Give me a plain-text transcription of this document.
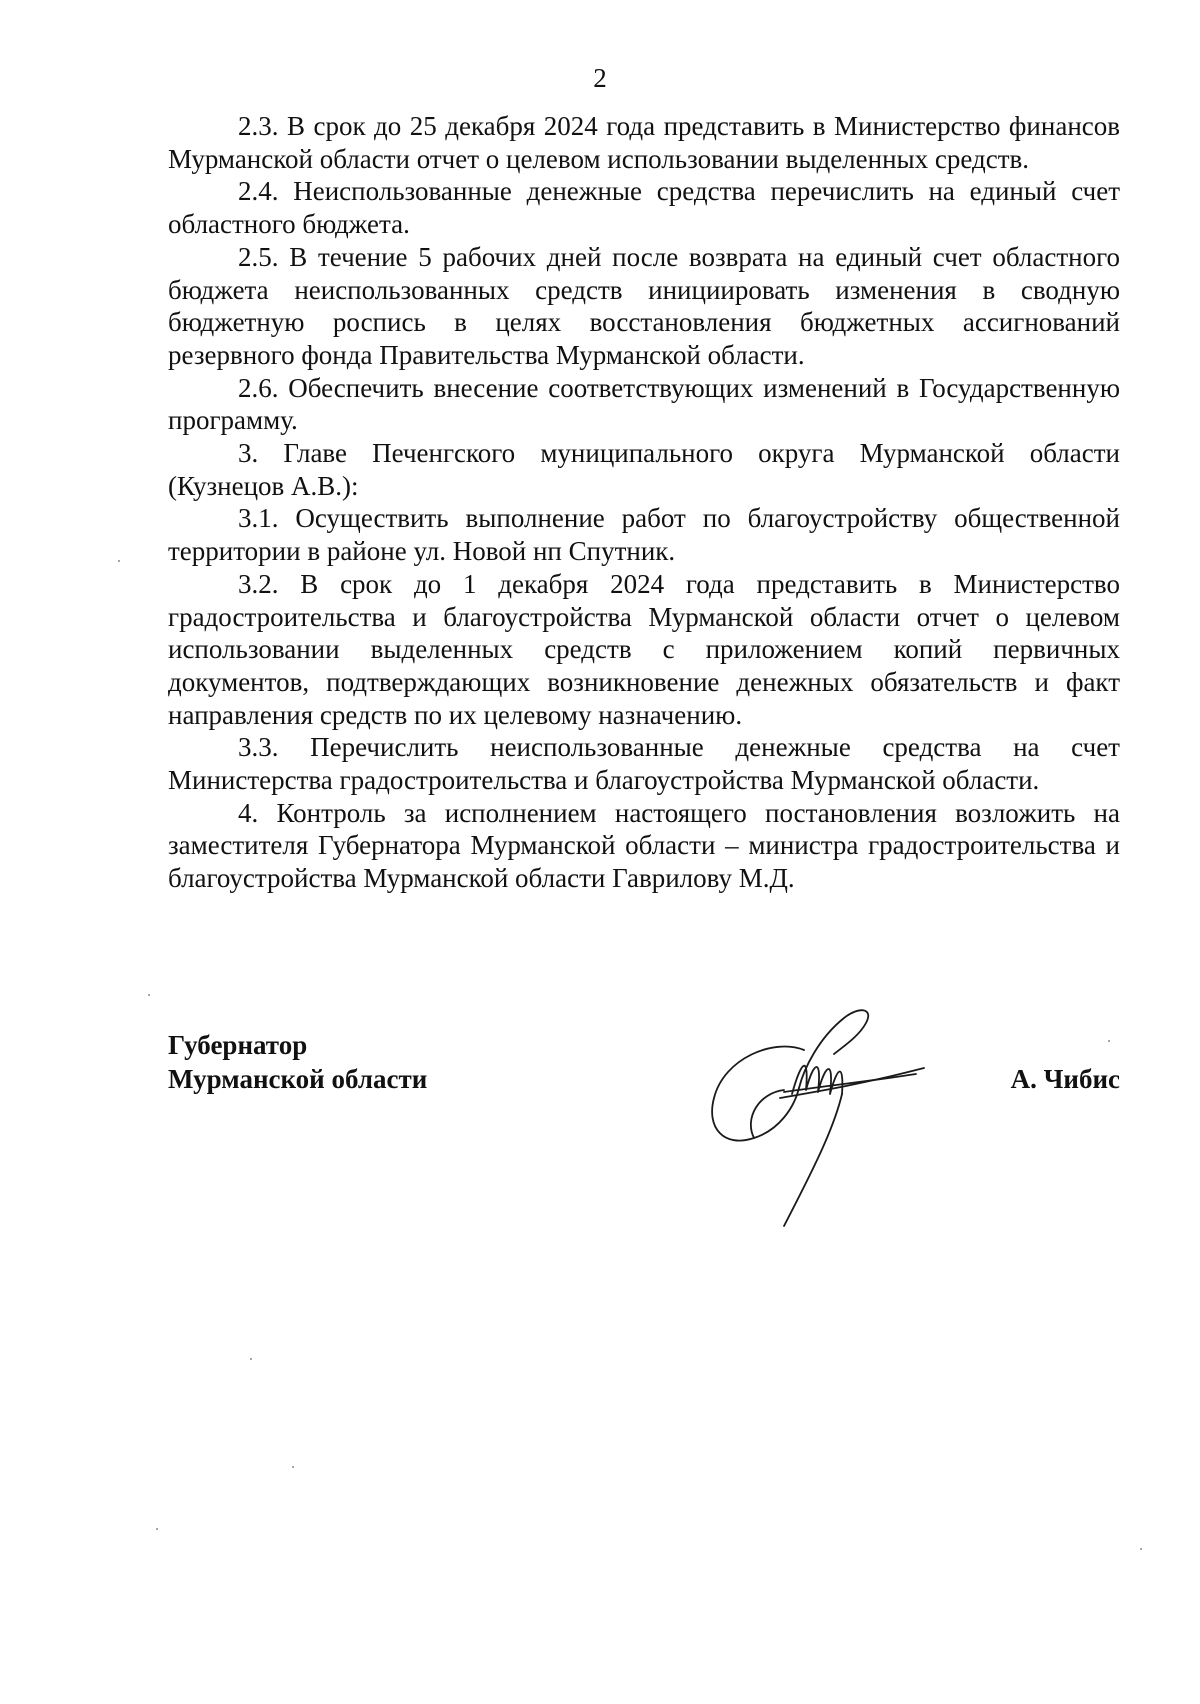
2

2.3. В срок до 25 декабря 2024 года представить в Министерство финансов Мурманской области отчет о целевом использовании выделенных средств.

2.4. Неиспользованные денежные средства перечислить на единый счет областного бюджета.

2.5. В течение 5 рабочих дней после возврата на единый счет областного бюджета неиспользованных средств инициировать изменения в сводную бюджетную роспись в целях восстановления бюджетных ассигнований резервного фонда Правительства Мурманской области.

2.6. Обеспечить внесение соответствующих изменений в Государственную программу.

3. Главе Печенгского муниципального округа Мурманской области (Кузнецов А.В.):

3.1. Осуществить выполнение работ по благоустройству общественной территории в районе ул. Новой нп Спутник.

3.2. В срок до 1 декабря 2024 года представить в Министерство градостроительства и благоустройства Мурманской области отчет о целевом использовании выделенных средств с приложением копий первичных документов, подтверждающих возникновение денежных обязательств и факт направления средств по их целевому назначению.

3.3. Перечислить неиспользованные денежные средства на счет Министерства градостроительства и благоустройства Мурманской области.

4. Контроль за исполнением настоящего постановления возложить на заместителя Губернатора Мурманской области – министра градостроительства и благоустройства Мурманской области Гаврилову М.Д.

Губернатор
Мурманской области	А. Чибис
